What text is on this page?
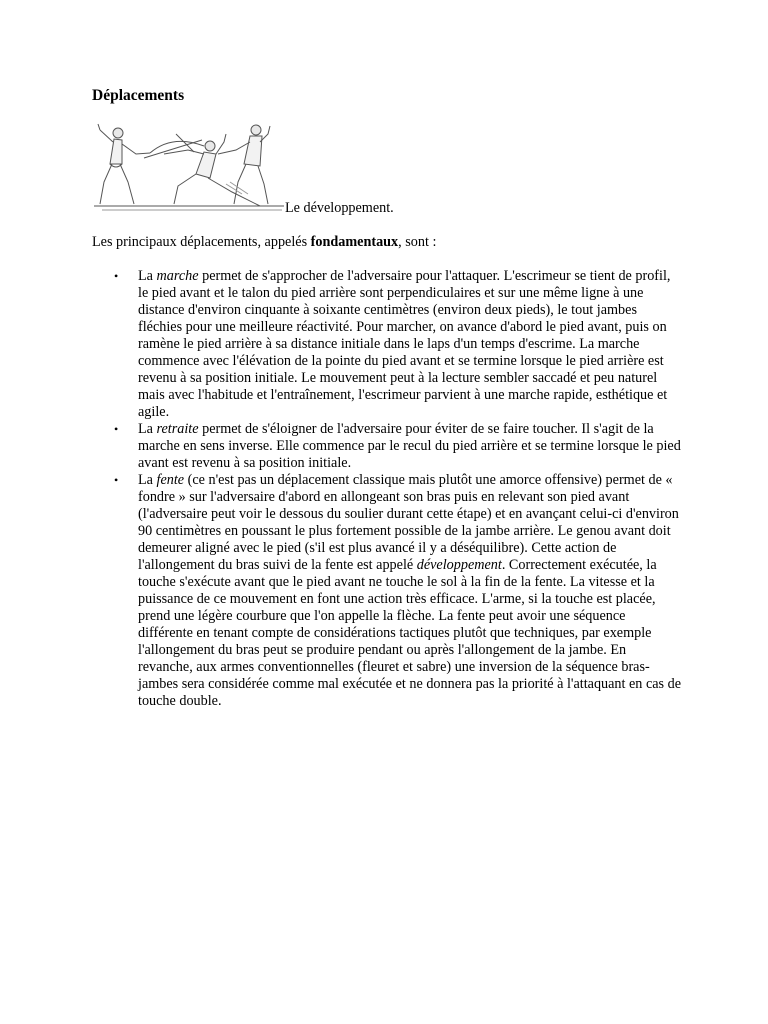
Déplacements
Le développement.

Les principaux déplacements, appelés fondamentaux, sont :

• La marche permet de s'approcher de l'adversaire pour l'attaquer. L'escrimeur se tient de profil, le pied avant et le talon du pied arrière sont perpendiculaires et sur une même ligne à une distance d'environ cinquante à soixante centimètres (environ deux pieds), le tout jambes fléchies pour une meilleure réactivité. Pour marcher, on avance d'abord le pied avant, puis on ramène le pied arrière à sa distance initiale dans le laps d'un temps d'escrime. La marche commence avec l'élévation de la pointe du pied avant et se termine lorsque le pied arrière est revenu à sa position initiale. Le mouvement peut à la lecture sembler saccadé et peu naturel mais avec l'habitude et l'entraînement, l'escrimeur parvient à une marche rapide, esthétique et agile.
• La retraite permet de s'éloigner de l'adversaire pour éviter de se faire toucher. Il s'agit de la marche en sens inverse. Elle commence par le recul du pied arrière et se termine lorsque le pied avant est revenu à sa position initiale.
• La fente (ce n'est pas un déplacement classique mais plutôt une amorce offensive) permet de « fondre » sur l'adversaire d'abord en allongeant son bras puis en relevant son pied avant (l'adversaire peut voir le dessous du soulier durant cette étape) et en avançant celui-ci d'environ 90 centimètres en poussant le plus fortement possible de la jambe arrière. Le genou avant doit demeurer aligné avec le pied (s'il est plus avancé il y a déséquilibre). Cette action de l'allongement du bras suivi de la fente est appelé développement. Correctement exécutée, la touche s'exécute avant que le pied avant ne touche le sol à la fin de la fente. La vitesse et la puissance de ce mouvement en font une action très efficace. L'arme, si la touche est placée, prend une légère courbure que l'on appelle la flèche. La fente peut avoir une séquence différente en tenant compte de considérations tactiques plutôt que techniques, par exemple l'allongement du bras peut se produire pendant ou après l'allongement de la jambe. En revanche, aux armes conventionnelles (fleuret et sabre) une inversion de la séquence bras-jambes sera considérée comme mal exécutée et ne donnera pas la priorité à l'attaquant en cas de touche double.
